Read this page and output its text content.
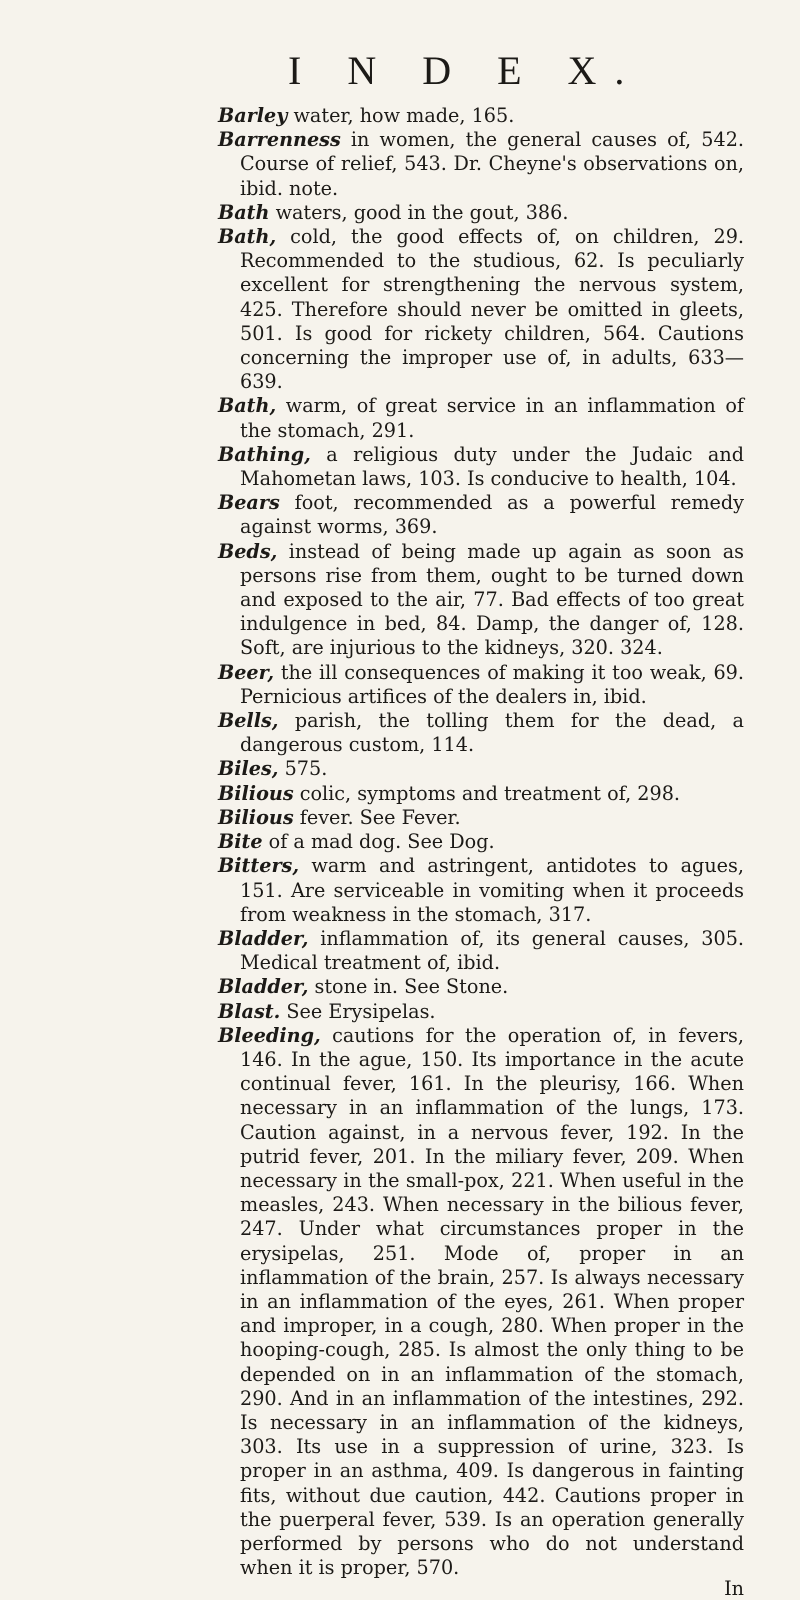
I N D E X.

Barley water, how made, 165.

Barrenness in women, the general causes of, 542. Course of relief, 543. Dr. Cheyne's observations on, ibid. note.

Bath waters, good in the gout, 386.

Bath, cold, the good effects of, on children, 29. Recommended to the studious, 62. Is peculiarly excellent for strengthening the nervous system, 425. Therefore should never be omitted in gleets, 501. Is good for rickety children, 564. Cautions concerning the improper use of, in adults, 633—639.

Bath, warm, of great service in an inflammation of the stomach, 291.

Bathing, a religious duty under the Judaic and Mahometan laws, 103. Is conducive to health, 104.

Bears foot, recommended as a powerful remedy against worms, 369.

Beds, instead of being made up again as soon as persons rise from them, ought to be turned down and exposed to the air, 77. Bad effects of too great indulgence in bed, 84. Damp, the danger of, 128. Soft, are injurious to the kidneys, 320. 324.

Beer, the ill consequences of making it too weak, 69. Pernicious artifices of the dealers in, ibid.

Bells, parish, the tolling them for the dead, a dangerous custom, 114.

Biles, 575.

Bilious colic, symptoms and treatment of, 298.

Bilious fever. See Fever.

Bite of a mad dog. See Dog.

Bitters, warm and astringent, antidotes to agues, 151. Are serviceable in vomiting when it proceeds from weakness in the stomach, 317.

Bladder, inflammation of, its general causes, 305. Medical treatment of, ibid.

Bladder, stone in. See Stone.

Blast. See Erysipelas.

Bleeding, cautions for the operation of, in fevers, 146. In the ague, 150. Its importance in the acute continual fever, 161. In the pleurisy, 166. When necessary in an inflammation of the lungs, 173. Caution against, in a nervous fever, 192. In the putrid fever, 201. In the miliary fever, 209. When necessary in the small-pox, 221. When useful in the measles, 243. When necessary in the bilious fever, 247. Under what circumstances proper in the erysipelas, 251. Mode of, proper in an inflammation of the brain, 257. Is always necessary in an inflammation of the eyes, 261. When proper and improper, in a cough, 280. When proper in the hooping-cough, 285. Is almost the only thing to be depended on in an inflammation of the stomach, 290. And in an inflammation of the intestines, 292. Is necessary in an inflammation of the kidneys, 303. Its use in a suppression of urine, 323. Is proper in an asthma, 409. Is dangerous in fainting fits, without due caution, 442. Cautions proper in the puerperal fever, 539. Is an operation generally performed by persons who do not understand when it is proper, 570.

In
